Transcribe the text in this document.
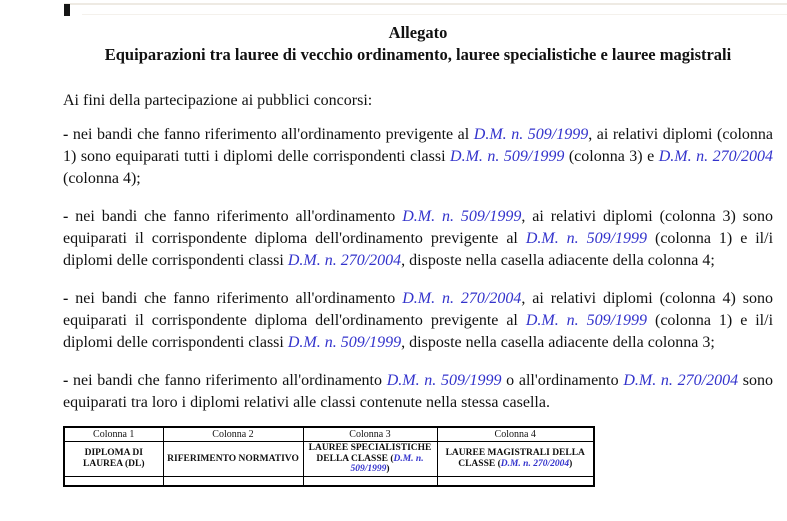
Allegato
Equiparazioni tra lauree di vecchio ordinamento, lauree specialistiche e lauree magistrali

Ai fini della partecipazione ai pubblici concorsi:

- nei bandi che fanno riferimento all'ordinamento previgente al D.M. n. 509/1999, ai relativi diplomi (colonna 1) sono equiparati tutti i diplomi delle corrispondenti classi D.M. n. 509/1999 (colonna 3) e D.M. n. 270/2004 (colonna 4);

- nei bandi che fanno riferimento all'ordinamento D.M. n. 509/1999, ai relativi diplomi (colonna 3) sono equiparati il corrispondente diploma dell'ordinamento previgente al D.M. n. 509/1999 (colonna 1) e il/i diplomi delle corrispondenti classi D.M. n. 270/2004, disposte nella casella adiacente della colonna 4;

- nei bandi che fanno riferimento all'ordinamento D.M. n. 270/2004, ai relativi diplomi (colonna 4) sono equiparati il corrispondente diploma dell'ordinamento previgente al D.M. n. 509/1999 (colonna 1) e il/i diplomi delle corrispondenti classi D.M. n. 509/1999, disposte nella casella adiacente della colonna 3;

- nei bandi che fanno riferimento all'ordinamento D.M. n. 509/1999 o all'ordinamento D.M. n. 270/2004 sono equiparati tra loro i diplomi relativi alle classi contenute nella stessa casella.

Colonna 1	Colonna 2	Colonna 3	Colonna 4
DIPLOMA DI LAUREA (DL)	RIFERIMENTO NORMATIVO	LAUREE SPECIALISTICHE DELLA CLASSE (D.M. n. 509/1999)	LAUREE MAGISTRALI DELLA CLASSE (D.M. n. 270/2004)
